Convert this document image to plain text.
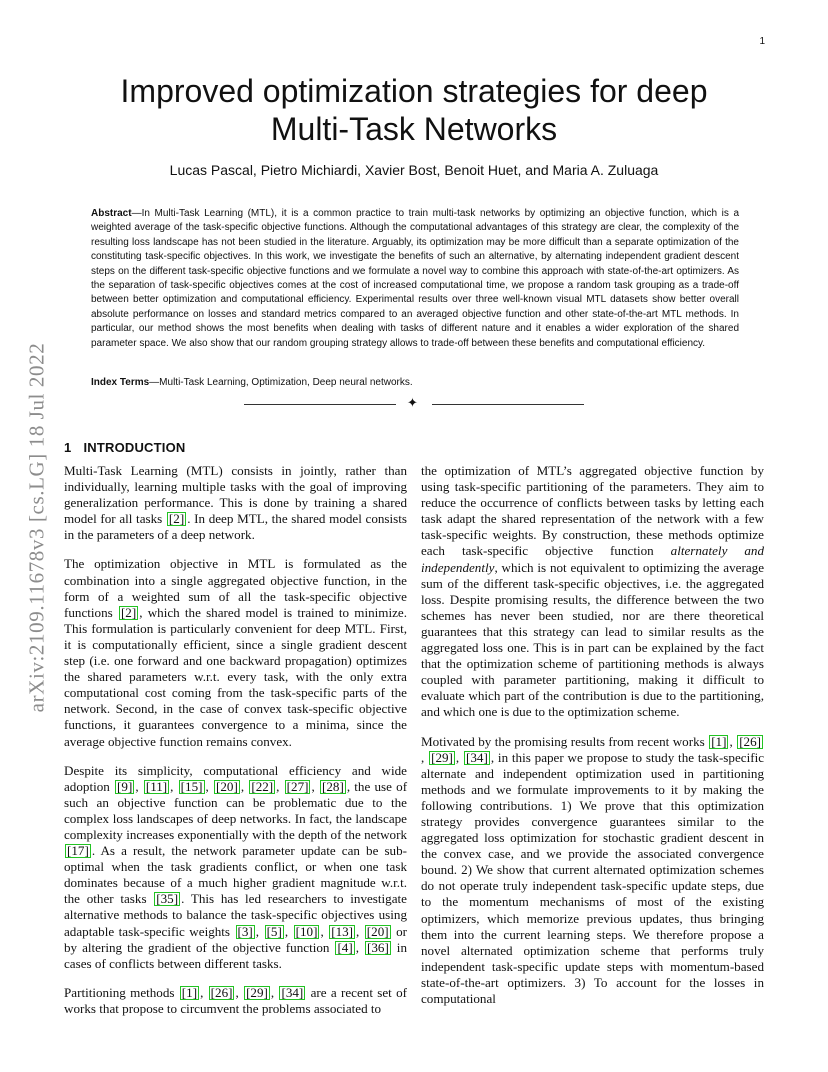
1
arXiv:2109.11678v3 [cs.LG] 18 Jul 2022
Improved optimization strategies for deep
Multi-Task Networks
Lucas Pascal, Pietro Michiardi, Xavier Bost, Benoit Huet, and Maria A. Zuluaga

Abstract—In Multi-Task Learning (MTL), it is a common practice to train multi-task networks by optimizing an objective function, which is a weighted average of the task-specific objective functions. Although the computational advantages of this strategy are clear, the complexity of the resulting loss landscape has not been studied in the literature. Arguably, its optimization may be more difficult than a separate optimization of the constituting task-specific objectives. In this work, we investigate the benefits of such an alternative, by alternating independent gradient descent steps on the different task-specific objective functions and we formulate a novel way to combine this approach with state-of-the-art optimizers. As the separation of task-specific objectives comes at the cost of increased computational time, we propose a random task grouping as a trade-off between better optimization and computational efficiency. Experimental results over three well-known visual MTL datasets show better overall absolute performance on losses and standard metrics compared to an averaged objective function and other state-of-the-art MTL methods. In particular, our method shows the most benefits when dealing with tasks of different nature and it enables a wider exploration of the shared parameter space. We also show that our random grouping strategy allows to trade-off between these benefits and computational efficiency.

Index Terms—Multi-Task Learning, Optimization, Deep neural networks.

✦
1 INTRODUCTION

Multi-Task Learning (MTL) consists in jointly, rather than individually, learning multiple tasks with the goal of improving generalization performance. This is done by training a shared model for all tasks [2] . In deep MTL, the shared model consists in the parameters of a deep network.

The optimization objective in MTL is formulated as the combination into a single aggregated objective function, in the form of a weighted sum of all the task-specific objective functions [2] , which the shared model is trained to minimize. This formulation is particularly convenient for deep MTL. First, it is computationally efficient, since a single gradient descent step (i.e. one forward and one backward propagation) optimizes the shared parameters w.r.t. every task, with the only extra computational cost coming from the task-specific parts of the network. Second, in the case of convex task-specific objective functions, it guarantees convergence to a minima, since the average objective function remains convex.

Despite its simplicity, computational efficiency and wide adoption [9] , [11] , [15] , [20] , [22] , [27] , [28] , the use of such an objective function can be problematic due to the complex loss landscapes of deep networks. In fact, the landscape complexity increases exponentially with the depth of the network [17] . As a result, the network parameter update can be sub-optimal when the task gradients conflict, or when one task dominates because of a much higher gradient magnitude w.r.t. the other tasks [35] . This has led researchers to investigate alternative methods to balance the task-specific objectives using adaptable task-specific weights [3] , [5] , [10] , [13] , [20] or by altering the gradient of the objective function [4] , [36] in cases of conflicts between different tasks.

Partitioning methods [1] , [26] , [29] , [34] are a recent set of works that propose to circumvent the problems associated to

the optimization of MTL’s aggregated objective function by using task-specific partitioning of the parameters. They aim to reduce the occurrence of conflicts between tasks by letting each task adapt the shared representation of the network with a few task-specific weights. By construction, these methods optimize each task-specific objective function alternately and independently, which is not equivalent to optimizing the average sum of the different task-specific objectives, i.e. the aggregated loss. Despite promising results, the difference between the two schemes has never been studied, nor are there theoretical guarantees that this strategy can lead to similar results as the aggregated loss one. This is in part can be explained by the fact that the optimization scheme of partitioning methods is always coupled with parameter partitioning, making it difficult to evaluate which part of the contribution is due to the partitioning, and which one is due to the optimization scheme.

Motivated by the promising results from recent works [1] , [26], [29] , [34] , in this paper we propose to study the task-specific alternate and independent optimization used in partitioning methods and we formulate improvements to it by making the following contributions. 1) We prove that this optimization strategy provides convergence guarantees similar to the aggregated loss optimization for stochastic gradient descent in the convex case, and we provide the associated convergence bound. 2) We show that current alternated optimization schemes do not operate truly independent task-specific update steps, due to the momentum mechanisms of most of the existing optimizers, which memorize previous updates, thus bringing them into the current learning steps. We therefore propose a novel alternated optimization scheme that performs truly independent task-specific update steps with momentum-based state-of-the-art optimizers. 3) To account for the losses in computational
